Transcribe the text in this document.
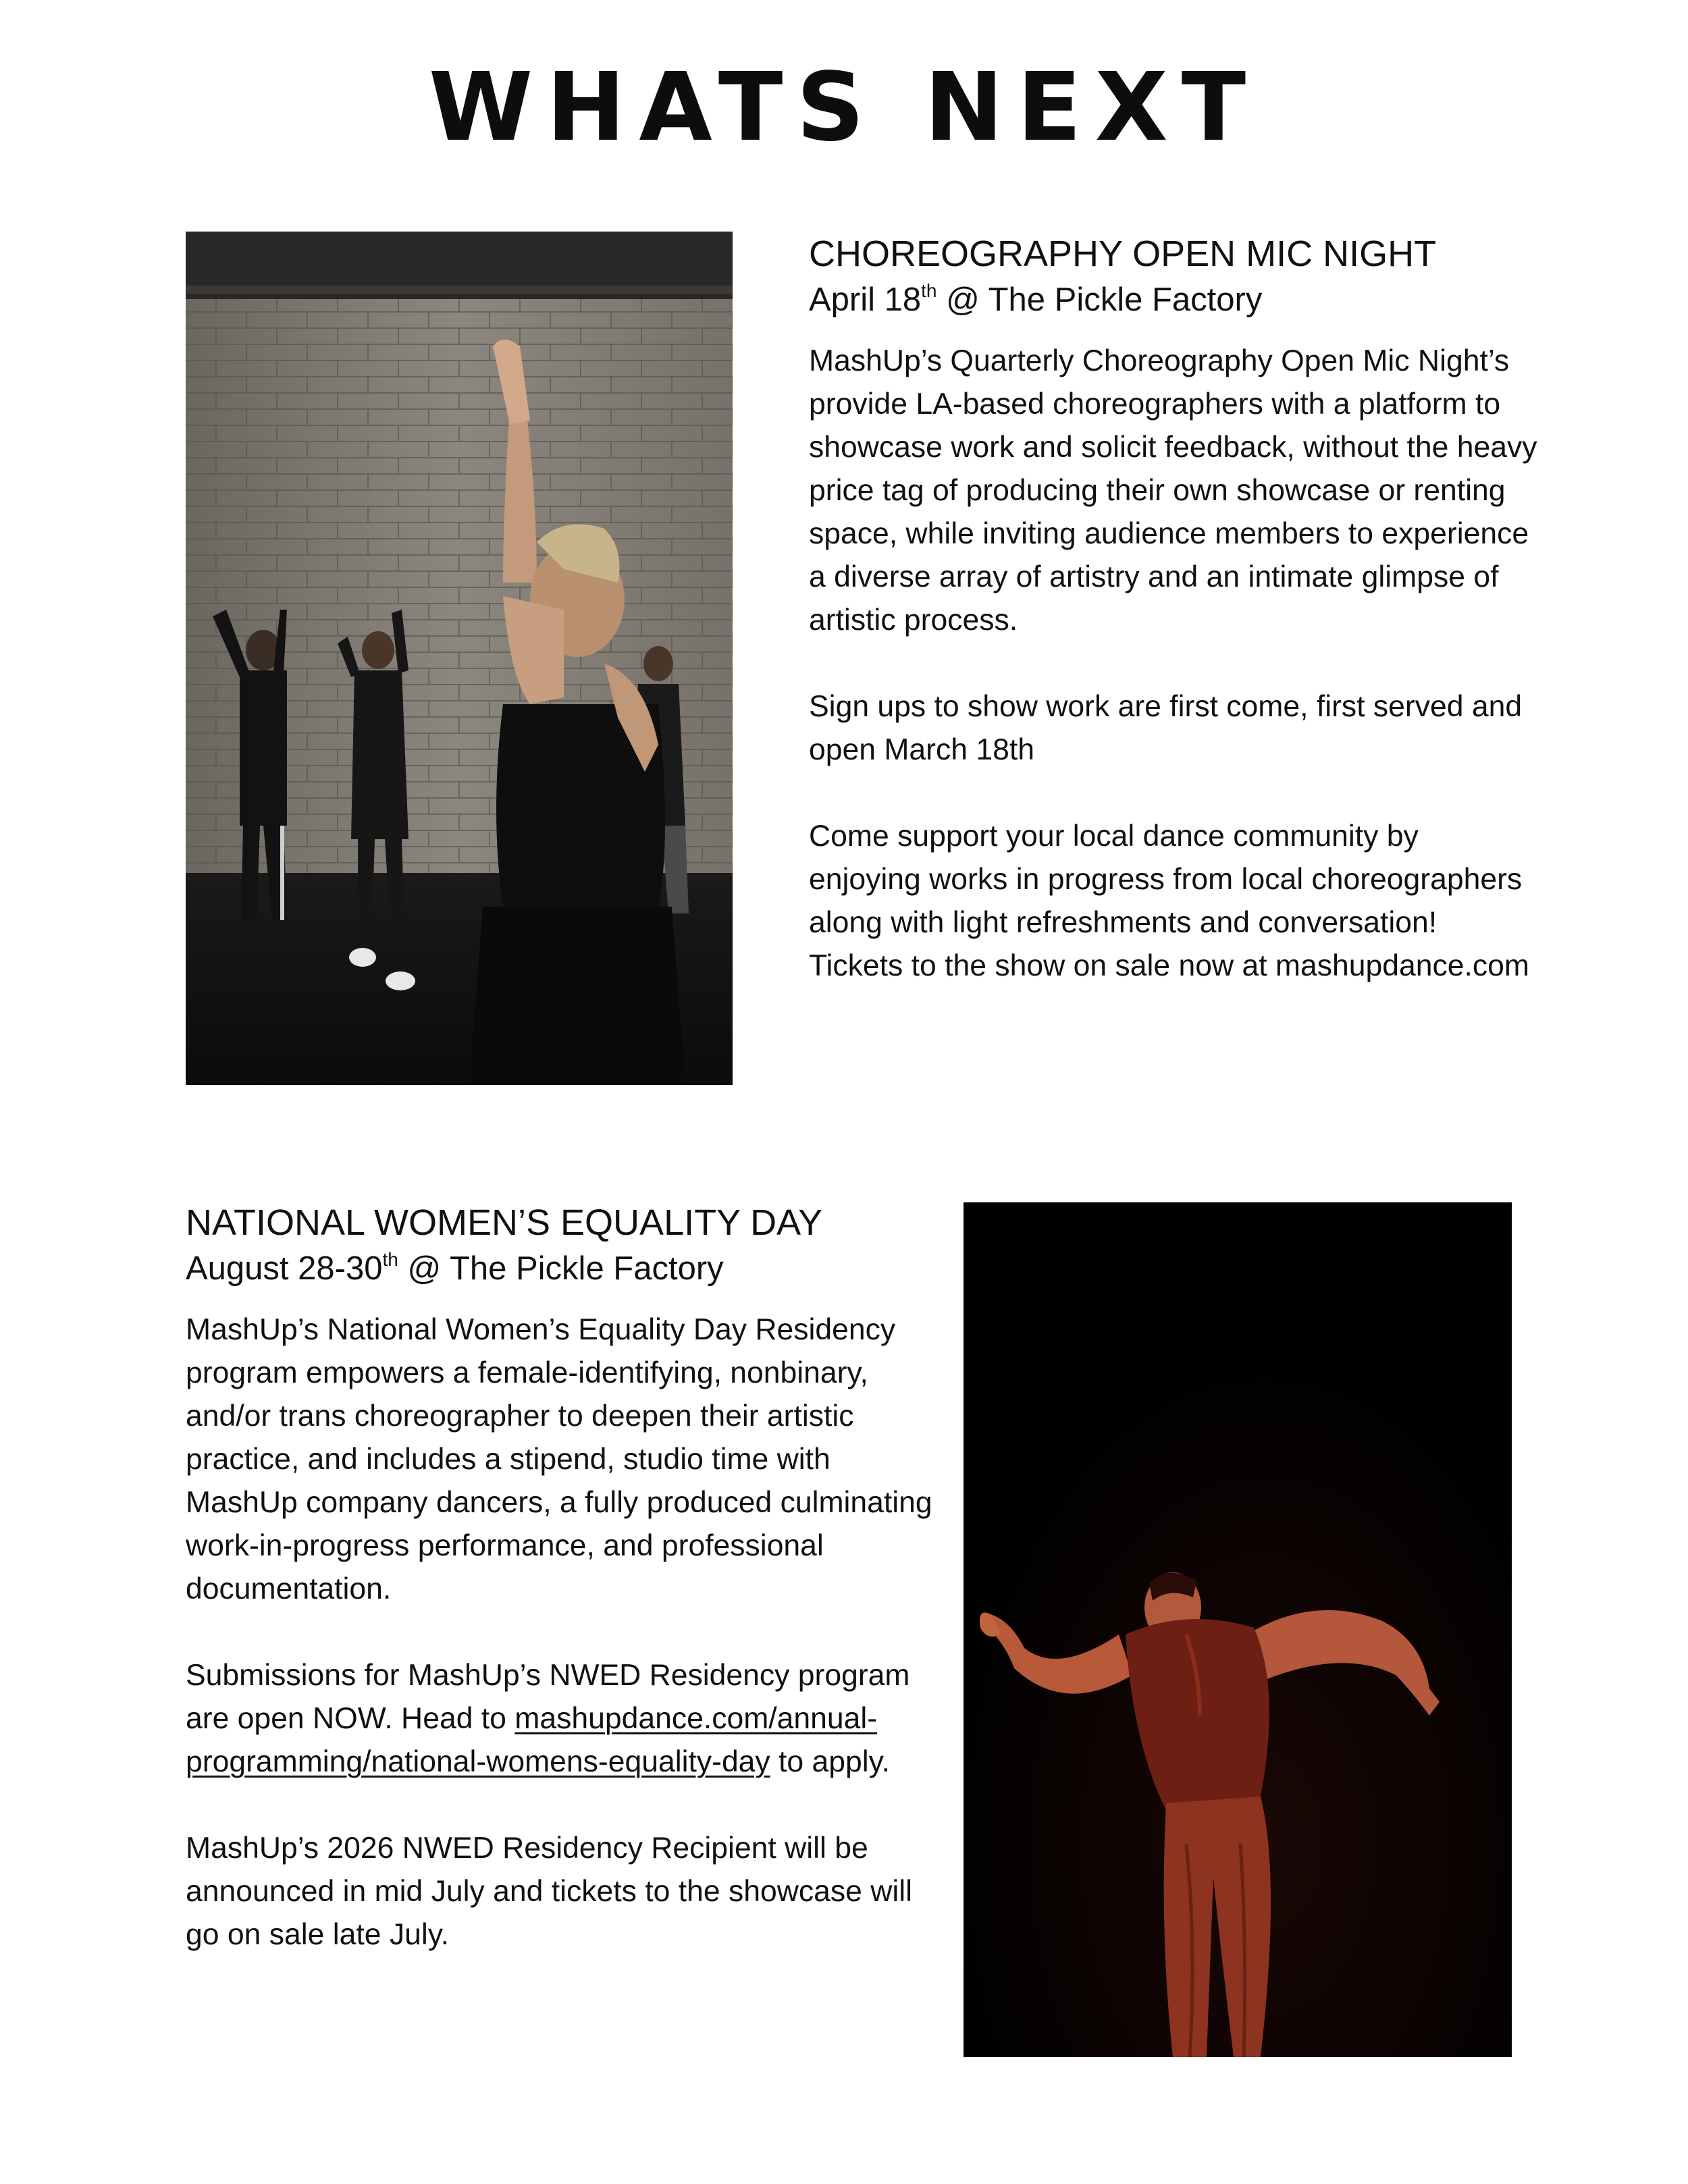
WHATS NEXT
CHOREOGRAPHY OPEN MIC NIGHT
April 18th @ The Pickle Factory

MashUp’s Quarterly Choreography Open Mic Night’s provide LA-based choreographers with a platform to showcase work and solicit feedback, without the heavy price tag of producing their own showcase or renting space, while inviting audience members to experience a diverse array of artistry and an intimate glimpse of artistic process.

Sign ups to show work are first come, first served and open March 18th

Come support your local dance community by enjoying works in progress from local choreographers along with light refreshments and conversation!

Tickets to the show on sale now at mashupdance.com

NATIONAL WOMEN’S EQUALITY DAY
August 28-30th @ The Pickle Factory

MashUp’s National Women’s Equality Day Residency program empowers a female-identifying, nonbinary, and/or trans choreographer to deepen their artistic practice, and includes a stipend, studio time with MashUp company dancers, a fully produced culminating work-in-progress performance, and professional documentation.

Submissions for MashUp’s NWED Residency program are open NOW. Head to mashupdance.com/annual-programming/national-womens-equality-day to apply.

MashUp’s 2026 NWED Residency Recipient will be announced in mid July and tickets to the showcase will go on sale late July.
